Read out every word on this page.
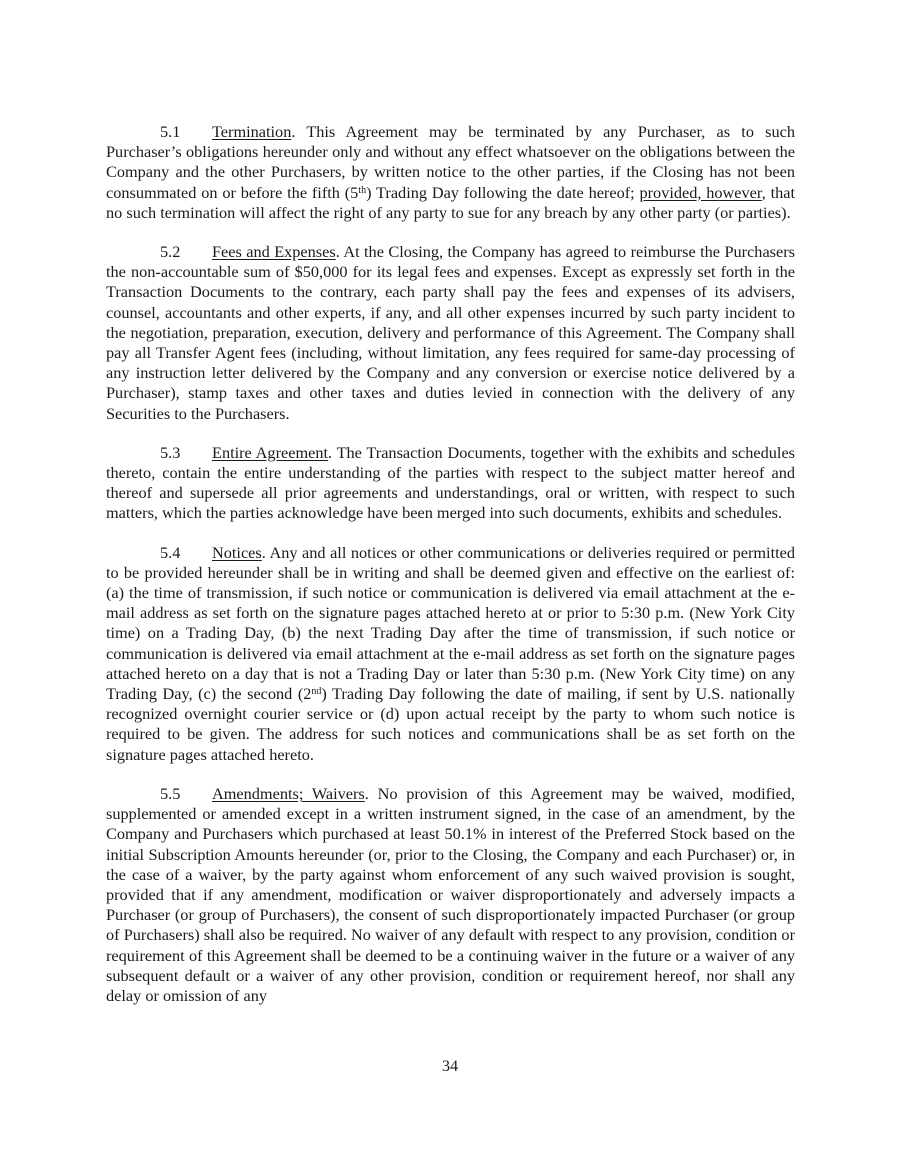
5.1 Termination. This Agreement may be terminated by any Purchaser, as to such Purchaser’s obligations hereunder only and without any effect whatsoever on the obligations between the Company and the other Purchasers, by written notice to the other parties, if the Closing has not been consummated on or before the fifth (5th) Trading Day following the date hereof; provided, however, that no such termination will affect the right of any party to sue for any breach by any other party (or parties).

5.2 Fees and Expenses. At the Closing, the Company has agreed to reimburse the Purchasers the non-accountable sum of $50,000 for its legal fees and expenses. Except as expressly set forth in the Transaction Documents to the contrary, each party shall pay the fees and expenses of its advisers, counsel, accountants and other experts, if any, and all other expenses incurred by such party incident to the negotiation, preparation, execution, delivery and performance of this Agreement. The Company shall pay all Transfer Agent fees (including, without limitation, any fees required for same-day processing of any instruction letter delivered by the Company and any conversion or exercise notice delivered by a Purchaser), stamp taxes and other taxes and duties levied in connection with the delivery of any Securities to the Purchasers.

5.3 Entire Agreement. The Transaction Documents, together with the exhibits and schedules thereto, contain the entire understanding of the parties with respect to the subject matter hereof and thereof and supersede all prior agreements and understandings, oral or written, with respect to such matters, which the parties acknowledge have been merged into such documents, exhibits and schedules.

5.4 Notices. Any and all notices or other communications or deliveries required or permitted to be provided hereunder shall be in writing and shall be deemed given and effective on the earliest of: (a) the time of transmission, if such notice or communication is delivered via email attachment at the e-mail address as set forth on the signature pages attached hereto at or prior to 5:30 p.m. (New York City time) on a Trading Day, (b) the next Trading Day after the time of transmission, if such notice or communication is delivered via email attachment at the e-mail address as set forth on the signature pages attached hereto on a day that is not a Trading Day or later than 5:30 p.m. (New York City time) on any Trading Day, (c) the second (2nd) Trading Day following the date of mailing, if sent by U.S. nationally recognized overnight courier service or (d) upon actual receipt by the party to whom such notice is required to be given. The address for such notices and communications shall be as set forth on the signature pages attached hereto.

5.5 Amendments; Waivers. No provision of this Agreement may be waived, modified, supplemented or amended except in a written instrument signed, in the case of an amendment, by the Company and Purchasers which purchased at least 50.1% in interest of the Preferred Stock based on the initial Subscription Amounts hereunder (or, prior to the Closing, the Company and each Purchaser) or, in the case of a waiver, by the party against whom enforcement of any such waived provision is sought, provided that if any amendment, modification or waiver disproportionately and adversely impacts a Purchaser (or group of Purchasers), the consent of such disproportionately impacted Purchaser (or group of Purchasers) shall also be required. No waiver of any default with respect to any provision, condition or requirement of this Agreement shall be deemed to be a continuing waiver in the future or a waiver of any subsequent default or a waiver of any other provision, condition or requirement hereof, nor shall any delay or omission of any

34
